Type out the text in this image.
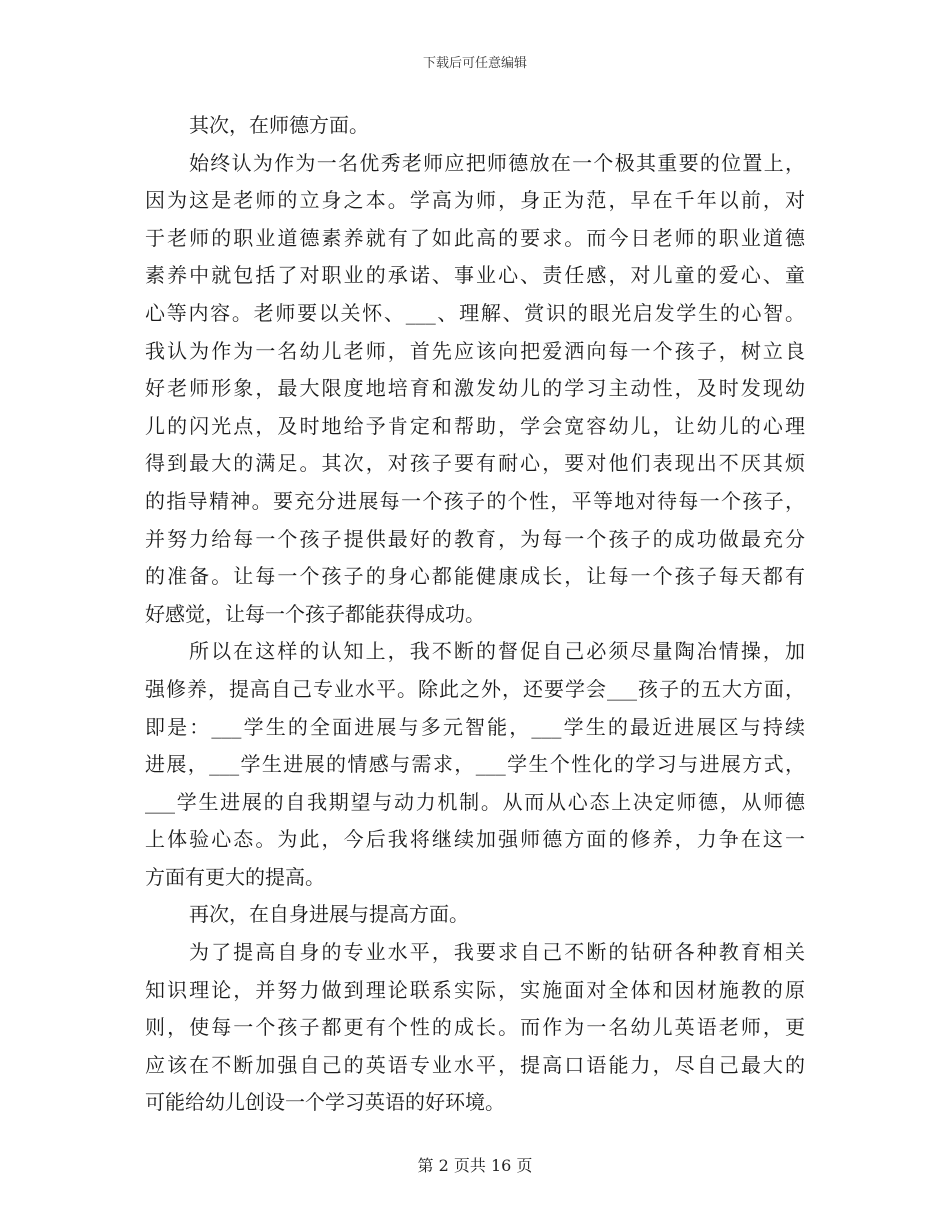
下载后可任意编辑
其次，在师德方面。
始终认为作为一名优秀老师应把师德放在一个极其重要的位置上，
因为这是老师的立身之本。学高为师，身正为范，早在千年以前，对
于老师的职业道德素养就有了如此高的要求。而今日老师的职业道德
素养中就包括了对职业的承诺、事业心、责任感，对儿童的爱心、童
心等内容。老师要以关怀、___、理解、赏识的眼光启发学生的心智。
我认为作为一名幼儿老师，首先应该向把爱洒向每一个孩子，树立良
好老师形象，最大限度地培育和激发幼儿的学习主动性，及时发现幼
儿的闪光点，及时地给予肯定和帮助，学会宽容幼儿，让幼儿的心理
得到最大的满足。其次，对孩子要有耐心，要对他们表现出不厌其烦
的指导精神。要充分进展每一个孩子的个性，平等地对待每一个孩子，
并努力给每一个孩子提供最好的教育，为每一个孩子的成功做最充分
的准备。让每一个孩子的身心都能健康成长，让每一个孩子每天都有
好感觉，让每一个孩子都能获得成功。
所以在这样的认知上，我不断的督促自己必须尽量陶冶情操，加
强修养，提高自己专业水平。除此之外，还要学会___孩子的五大方面，
即是：___学生的全面进展与多元智能，___学生的最近进展区与持续
进展，___学生进展的情感与需求，___学生个性化的学习与进展方式，
___学生进展的自我期望与动力机制。从而从心态上决定师德，从师德
上体验心态。为此，今后我将继续加强师德方面的修养，力争在这一
方面有更大的提高。
再次，在自身进展与提高方面。
为了提高自身的专业水平，我要求自己不断的钻研各种教育相关
知识理论，并努力做到理论联系实际，实施面对全体和因材施教的原
则，使每一个孩子都更有个性的成长。而作为一名幼儿英语老师，更
应该在不断加强自己的英语专业水平，提高口语能力，尽自己最大的
可能给幼儿创设一个学习英语的好环境。
第 2 页共 16 页
